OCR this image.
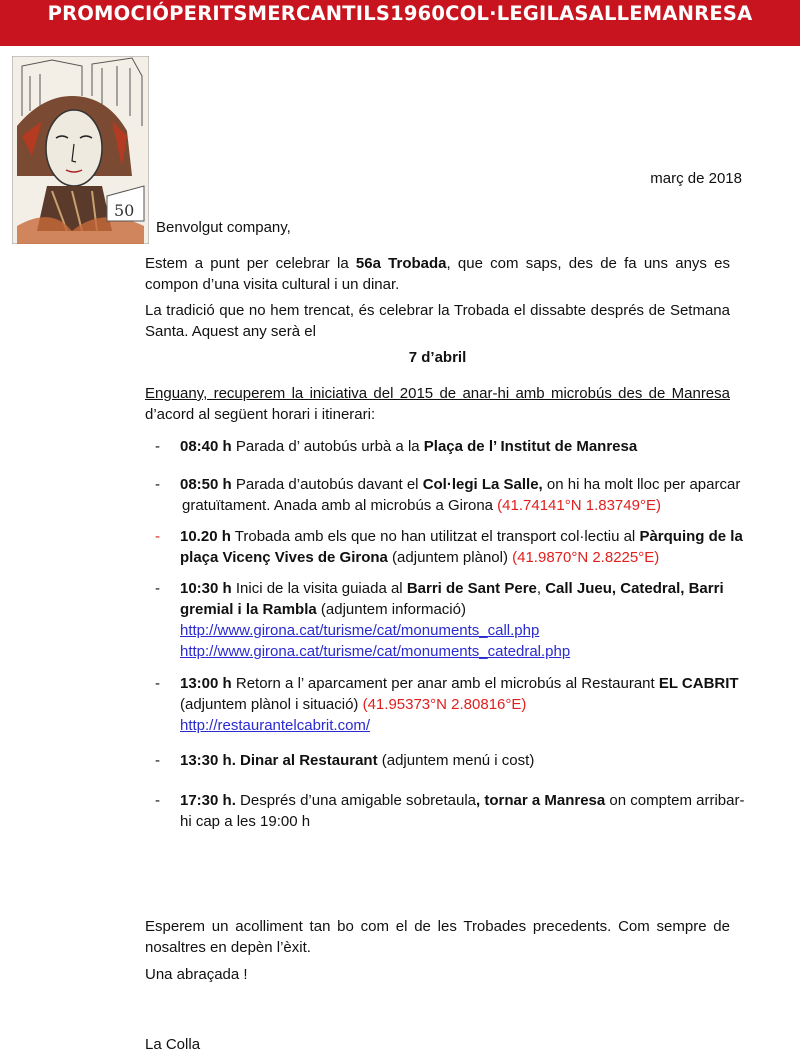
PROMOCIÓPERITSMERCANTILS1960COL·LEGILASALLEMANRESA
50
març de 2018
Benvolgut company,
Estem a punt per celebrar la 56a Trobada, que com saps, des de fa uns anys es compon d’una visita cultural i un dinar.
La tradició que no hem trencat, és celebrar la Trobada el dissabte després de Setmana Santa. Aquest any serà el
7 d’abril
Enguany, recuperem la iniciativa del 2015 de anar-hi amb microbús des de Manresa d’acord al següent horari i itinerari:
-	08:40 h Parada d’ autobús urbà a la Plaça de l’ Institut de Manresa
-	08:50 h Parada d’autobús davant el Col·legi La Salle, on hi ha molt lloc per aparcar
gratuïtament. Anada amb al microbús a Girona (41.74141°N 1.83749°E)
-	10.20 h Trobada amb els que no han utilitzat el transport col·lectiu al Pàrquing de la
plaça Vicenç Vives de Girona (adjuntem plànol) (41.9870°N 2.8225°E)
-	10:30 h Inici de la visita guiada al Barri de Sant Pere, Call Jueu, Catedral, Barri
gremial i la Rambla (adjuntem informació)
http://www.girona.cat/turisme/cat/monuments_call.php
http://www.girona.cat/turisme/cat/monuments_catedral.php
-	13:00 h Retorn a l’ aparcament per anar amb el microbús al Restaurant EL CABRIT
(adjuntem plànol i situació) (41.95373°N 2.80816°E)
http://restaurantelcabrit.com/
-	13:30 h. Dinar al Restaurant (adjuntem menú i cost)
-	17:30 h. Després d’una amigable sobretaula, tornar a Manresa on comptem arribar-
hi cap a les 19:00 h
Esperem un acolliment tan bo com el de les Trobades precedents. Com sempre de nosaltres en depèn l’èxit.
Una abraçada !
La Colla
